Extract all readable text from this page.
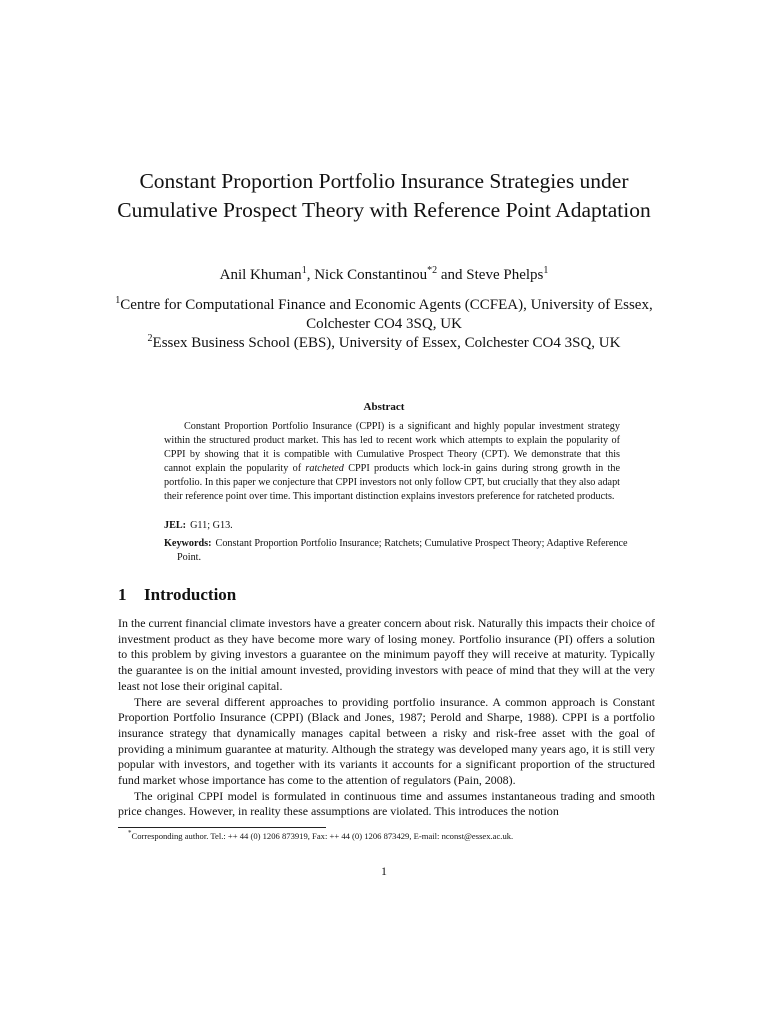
Constant Proportion Portfolio Insurance Strategies under Cumulative Prospect Theory with Reference Point Adaptation
Anil Khuman$^1$, Nick Constantinou$^{*2}$ and Steve Phelps$^1$
$^1$Centre for Computational Finance and Economic Agents (CCFEA), University of Essex, Colchester CO4 3SQ, UK
$^2$Essex Business School (EBS), University of Essex, Colchester CO4 3SQ, UK
Abstract

Constant Proportion Portfolio Insurance (CPPI) is a significant and highly popular investment strategy within the structured product market. This has led to recent work which attempts to explain the popularity of CPPI by showing that it is compatible with Cumulative Prospect Theory (CPT). We demonstrate that this cannot explain the popularity of ratcheted CPPI products which lock-in gains during strong growth in the portfolio. In this paper we conjecture that CPPI investors not only follow CPT, but crucially that they also adapt their reference point over time. This important distinction explains investors preference for ratcheted products.

JEL: G11; G13.

Keywords: Constant Proportion Portfolio Insurance; Ratchets; Cumulative Prospect Theory; Adaptive Reference Point.

1 Introduction

In the current financial climate investors have a greater concern about risk. Naturally this impacts their choice of investment product as they have become more wary of losing money. Portfolio insurance (PI) offers a solution to this problem by giving investors a guarantee on the minimum payoff they will receive at maturity. Typically the guarantee is on the initial amount invested, providing investors with peace of mind that they will at the very least not lose their original capital.

There are several different approaches to providing portfolio insurance. A common approach is Constant Proportion Portfolio Insurance (CPPI) (Black and Jones, 1987; Perold and Sharpe, 1988). CPPI is a portfolio insurance strategy that dynamically manages capital between a risky and risk-free asset with the goal of providing a minimum guarantee at maturity. Although the strategy was developed many years ago, it is still very popular with investors, and together with its variants it accounts for a significant proportion of the structured fund market whose importance has come to the attention of regulators (Pain, 2008).

The original CPPI model is formulated in continuous time and assumes instantaneous trading and smooth price changes. However, in reality these assumptions are violated. This introduces the notion

*Corresponding author. Tel.: ++ 44 (0) 1206 873919, Fax: ++ 44 (0) 1206 873429, E-mail: nconst@essex.ac.uk.
1
